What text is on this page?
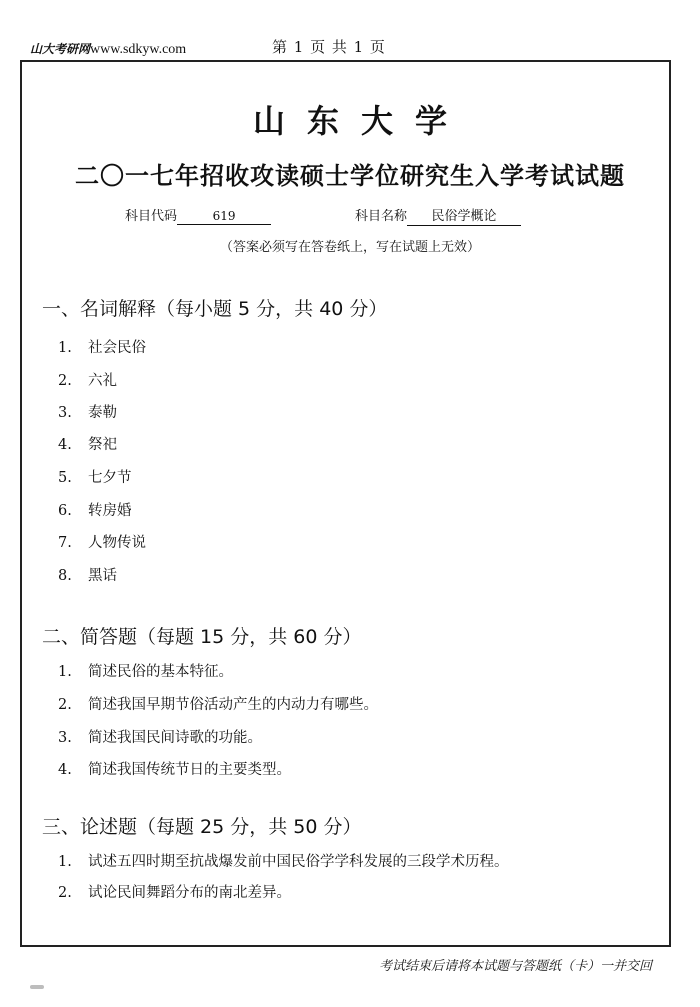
山大考研网www.sdkyw.com	第 1 页 共 1 页
山东大学
二〇一七年招收攻读硕士学位研究生入学考试试题
科目代码	619	科目名称 民俗学概论
（答案必须写在答卷纸上，写在试题上无效）
一、名词解释（每小题 5 分，共 40 分）
1. 社会民俗
2. 六礼
3. 泰勒
4. 祭祀
5. 七夕节
6. 转房婚
7. 人物传说
8. 黑话
二、简答题（每题 15 分，共 60 分）
1. 简述民俗的基本特征。
2. 简述我国早期节俗活动产生的内动力有哪些。
3. 简述我国民间诗歌的功能。
4. 简述我国传统节日的主要类型。
三、论述题（每题 25 分，共 50 分）
1. 试述五四时期至抗战爆发前中国民俗学学科发展的三段学术历程。
2. 试论民间舞蹈分布的南北差异。
考试结束后请将本试题与答题纸（卡）一并交回
